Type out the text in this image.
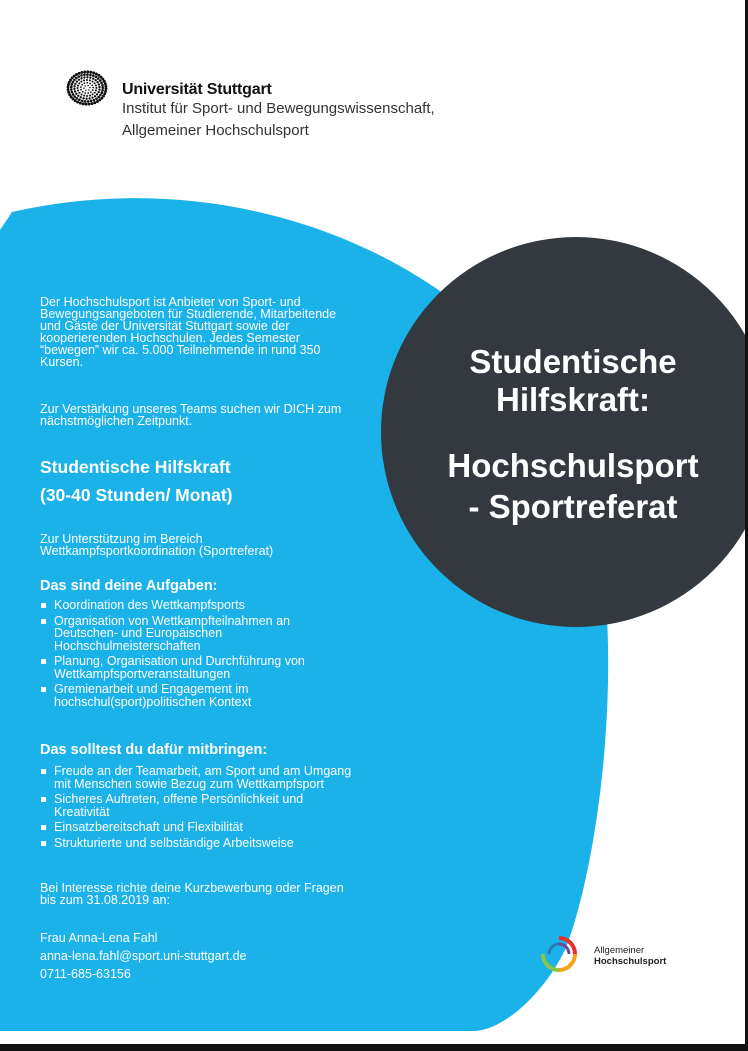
Universität Stuttgart
Institut für Sport- und Bewegungswissenschaft,
Allgemeiner Hochschulsport
Studentische
Hilfskraft:
Hochschulsport
- Sportreferat
Der Hochschulsport ist Anbieter von Sport- und
Bewegungsangeboten für Studierende, Mitarbeitende
und Gäste der Universität Stuttgart sowie der
kooperierenden Hochschulen. Jedes Semester
“bewegen” wir ca. 5.000 Teilnehmende in rund 350
Kursen.
Zur Verstärkung unseres Teams suchen wir DICH zum
nächstmöglichen Zeitpunkt.
Studentische Hilfskraft
(30-40 Stunden/ Monat)
Zur Unterstützung im Bereich
Wettkampfsportkoordination (Sportreferat)
Das sind deine Aufgaben:
Koordination des Wettkampfsports
Organisation von Wettkampfteilnahmen an
Deutschen- und Europäischen
Hochschulmeisterschaften
Planung, Organisation und Durchführung von
Wettkampfsportveranstaltungen
Gremienarbeit und Engagement im
hochschul(sport)politischen Kontext
Das solltest du dafür mitbringen:
Freude an der Teamarbeit, am Sport und am Umgang
mit Menschen sowie Bezug zum Wettkampfsport
Sicheres Auftreten, offene Persönlichkeit und
Kreativität
Einsatzbereitschaft und Flexibilität
Strukturierte und selbständige Arbeitsweise
Bei Interesse richte deine Kurzbewerbung oder Fragen
bis zum 31.08.2019 an:
Frau Anna-Lena Fahl
anna-lena.fahl@sport.uni-stuttgart.de
0711-685-63156
Allgemeiner
Hochschulsport
